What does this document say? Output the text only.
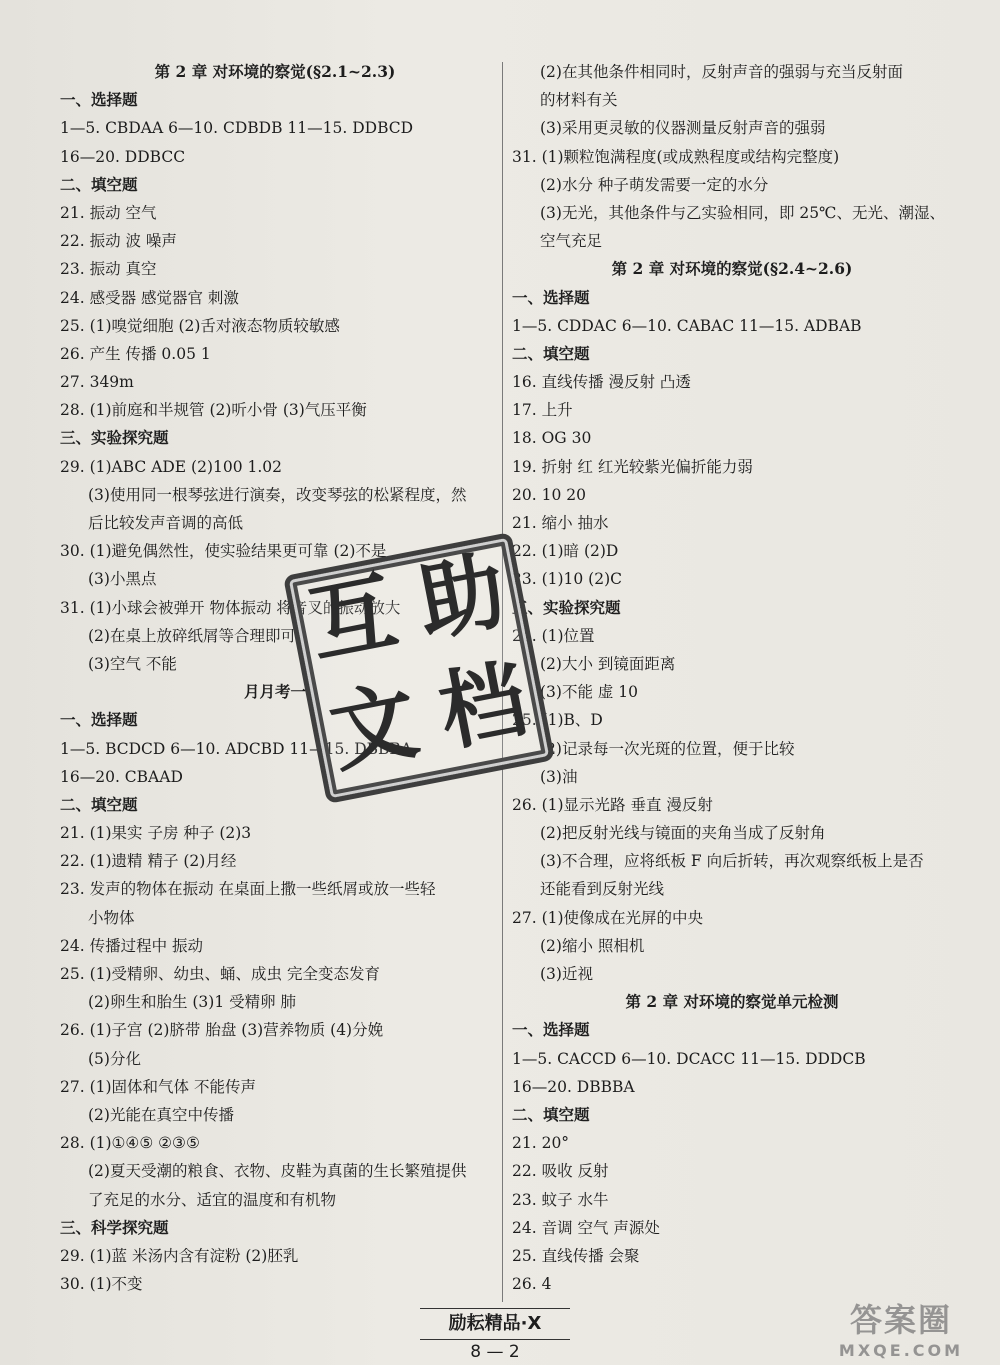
第 2 章 对环境的察觉(§2.1~2.3)
一、选择题
1—5. CBDAA 6—10. CDBDB 11—15. DDBCD
16—20. DDBCC
二、填空题
21. 振动 空气
22. 振动 波 噪声
23. 振动 真空
24. 感受器 感觉器官 刺激
25. (1)嗅觉细胞 (2)舌对液态物质较敏感
26. 产生 传播 0.05 1
27. 349m
28. (1)前庭和半规管 (2)听小骨 (3)气压平衡
三、实验探究题
29. (1)ABC ADE (2)100 1.02
(3)使用同一根琴弦进行演奏，改变琴弦的松紧程度，然
后比较发声音调的高低
30. (1)避免偶然性，使实验结果更可靠 (2)不是
(3)小黑点
31. (1)小球会被弹开 物体振动 将音叉的振动放大
(2)在桌上放碎纸屑等合理即可
(3)空气 不能
月月考一
一、选择题
1—5. BCDCD 6—10. ADCBD 11—15. DBBBA
16—20. CBAAD
二、填空题
21. (1)果实 子房 种子 (2)3
22. (1)遗精 精子 (2)月经
23. 发声的物体在振动 在桌面上撒一些纸屑或放一些轻
小物体
24. 传播过程中 振动
25. (1)受精卵、幼虫、蛹、成虫 完全变态发育
(2)卵生和胎生 (3)1 受精卵 肺
26. (1)子宫 (2)脐带 胎盘 (3)营养物质 (4)分娩
(5)分化
27. (1)固体和气体 不能传声
(2)光能在真空中传播
28. (1)①④⑤ ②③⑤
(2)夏天受潮的粮食、衣物、皮鞋为真菌的生长繁殖提供
了充足的水分、适宜的温度和有机物
三、科学探究题
29. (1)蓝 米汤内含有淀粉 (2)胚乳
30. (1)不变
(2)在其他条件相同时，反射声音的强弱与充当反射面
的材料有关
(3)采用更灵敏的仪器测量反射声音的强弱
31. (1)颗粒饱满程度(或成熟程度或结构完整度)
(2)水分 种子萌发需要一定的水分
(3)无光，其他条件与乙实验相同，即 25℃、无光、潮湿、
空气充足
第 2 章 对环境的察觉(§2.4~2.6)
一、选择题
1—5. CDDAC 6—10. CABAC 11—15. ADBAB
二、填空题
16. 直线传播 漫反射 凸透
17. 上升
18. OG 30
19. 折射 红 红光较紫光偏折能力弱
20. 10 20
21. 缩小 抽水
22. (1)暗 (2)D
23. (1)10 (2)C
三、实验探究题
24. (1)位置
(2)大小 到镜面距离
(3)不能 虚 10
25. (1)B、D
(2)记录每一次光斑的位置，便于比较
(3)油
26. (1)显示光路 垂直 漫反射
(2)把反射光线与镜面的夹角当成了反射角
(3)不合理，应将纸板 F 向后折转，再次观察纸板上是否
还能看到反射光线
27. (1)使像成在光屏的中央
(2)缩小 照相机
(3)近视
第 2 章 对环境的察觉单元检测
一、选择题
1—5. CACCD 6—10. DCACC 11—15. DDDCB
16—20. DBBBA
二、填空题
21. 20°
22. 吸收 反射
23. 蚊子 水牛
24. 音调 空气 声源处
25. 直线传播 会聚
26. 4
互 助
文 档
励耘精品·X
8 — 2
答案圈
MXQE.COM
